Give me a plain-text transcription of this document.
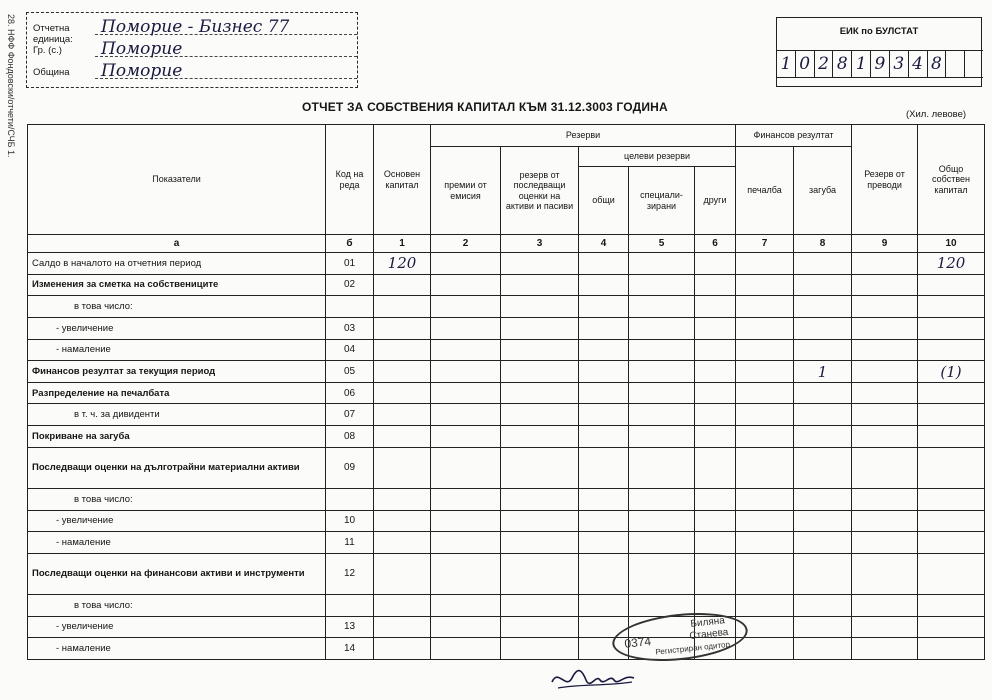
28. НФФ Фондовски/отчети/СЧБ 1. Отчетна единица:
Поморие - Бизнес 77
Гр. (с.) Поморие
Община Поморие
ЕИК по БУЛСТАТ
1 0 2 8 1 9 3 4 8
ОТЧЕТ ЗА СОБСТВЕНИЯ КАПИТАЛ КЪМ 31.12.3003 ГОДИНА
(Хил. левове)
Показатели	Код на реда	Основен капитал	Резерви					Финансов резултат		Резерв от преводи	Общо собствен капитал
			премии от емисия	резерв от последващи оценки на активи и пасиви	целеви резерви			печалба	загуба		
					общи	специали-зирани	други				
а	б	1	2	3	4	5	6	7	8	9	10
Салдо в началото на отчетния период	01	120									120
Изменения за сметка на собствениците	02										
в това число:											
- увеличение	03										
- намаление	04										
Финансов резултат за текущия период	05								1		(1)
Разпределение на печалбата	06										
в т. ч. за дивиденти	07										
Покриване на загуба	08										
Последващи оценки на дълготрайни материални активи	09										
в това число:											
- увеличение	10										
- намаление	11										
Последващи оценки на финансови активи и инструменти	12										
в това число:											
- увеличение	13										
- намаление	14											0374
Биляна Станева
Регистриран одитор
